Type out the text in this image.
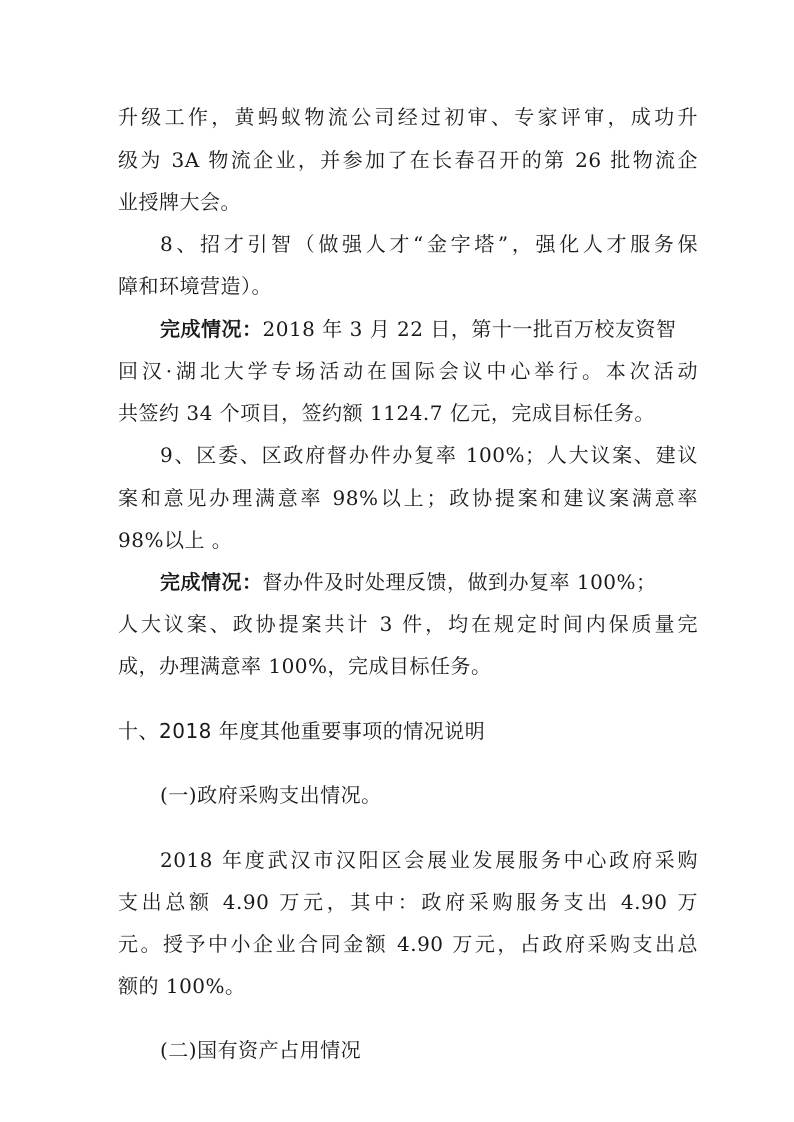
升级工作，黄蚂蚁物流公司经过初审、专家评审，成功升
级为 3A 物流企业，并参加了在长春召开的第 26 批物流企
业授牌大会。
8、招才引智（做强人才“金字塔”，强化人才服务保
障和环境营造）。
完成情况：2018 年 3 月 22 日，第十一批百万校友资智
回汉·湖北大学专场活动在国际会议中心举行。本次活动
共签约 34 个项目，签约额 1124.7 亿元，完成目标任务。
9、区委、区政府督办件办复率 100%；人大议案、建议
案和意见办理满意率 98%以上；政协提案和建议案满意率
98%以上 。
完成情况：督办件及时处理反馈，做到办复率 100%；
人大议案、政协提案共计 3 件，均在规定时间内保质量完
成，办理满意率 100%，完成目标任务。
十、2018 年度其他重要事项的情况说明
(一)政府采购支出情况。
2018 年度武汉市汉阳区会展业发展服务中心政府采购
支出总额 4.90 万元，其中：政府采购服务支出 4.90 万
元。授予中小企业合同金额 4.90 万元，占政府采购支出总
额的 100%。
(二)国有资产占用情况
